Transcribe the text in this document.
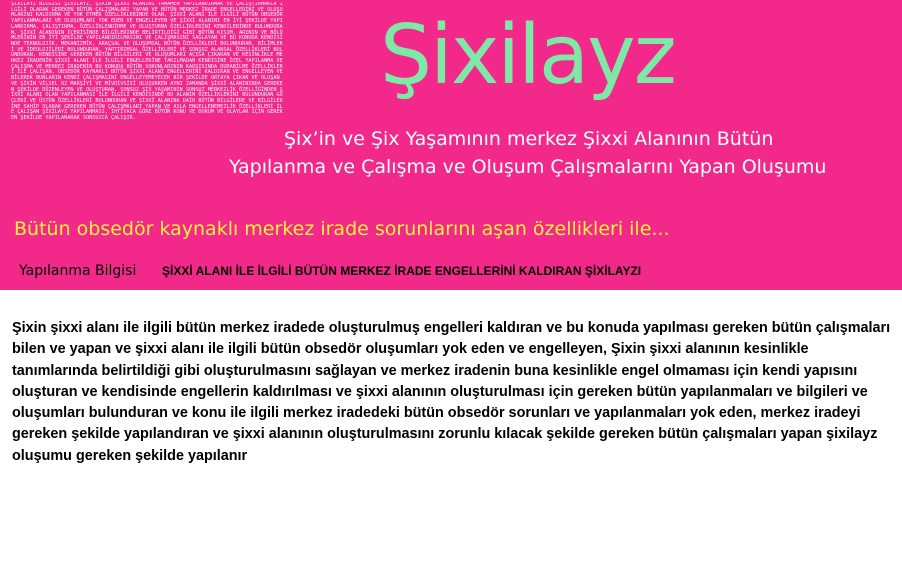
ŞİXİLAYZ BİLGİSİ ŞİXİLAYZ, ŞİXİN ŞİXXİ ALANINI TAMAMEN YAPILANDIRMAK VE ÇALIŞTIRMAKLA İLGİLİ OLARAK GEREKEN BÜTÜN ÇALIŞMALARI YAPAN VE BÜTÜN MERKEZ İRADE ENGELLERİNİ VE OLUŞUMLARINI KALDIRMA VE YOK ETMEK ÖZELLİKLERİNDE OLAN, ŞİXXİ ALANI İLE İLGİLİ BÜTÜN OBSEDÖR YAPILANMALARI VE OLUŞUMLARI YOK EDEN VE ENGELLEYEN VE ŞİXXİ ALANINI EN İYİ ŞEKİLDE YAPILANDIRMA, ÇALIŞTIRMA, ÖZELLİKLENDİRME VE OLUŞTURMA ÖZELLİKLERİNİ KENDİLERİNDE BULUNDURAN, ŞİXXİ ALANININ İÇERİSİNDE BİLGİLERİNDE BELİRTİLDİĞİ GİBİ BÜTÜN KISIM, ARININ VE BÖLÜMLERİNİN EN İYİ ŞEKİLDE YAPILANDIRILMASINI VE ÇALIŞMASINI SAĞLAYAN VE BU KONUDA KENDİSİNDE TEKNOLOJİK, MEKANİZMİK, ARAÇSAL VE OLUŞUMSAL BÜTÜN ÖZELLİKLERİ BULUNDURAN, BİLİMLERİ VE İDEOLOJİLERİ BULUNDURAN, YAPTIRIMSAL ÖZELLİKLERİ VE SONSUZ ALANSAL ÖZELLİKLERİ BULUNDURAN, KENDİSİNE GEREKEN BÜTÜN BİLGİLERİ VE OLUŞUMLARI AÇIĞA ÇIKARAN VE KESİNLİKLE MERKEZ İRADENİN ŞİXXİ ALANI İLE İLGİLİ ENGELLERİNE TAKILMADAN KENDİSİNE ÖZEL YAPILANMA VE ÇALIŞMA VE MERKEZ İRADENİN BU KONUDA BÜTÜN SORUNLARININ KARŞISINDA DURABİLME ÖZELLİKLERİ İLE ÇALIŞAN, OBSEDÖR KAYNAKLI BÜTÜN ŞİXXİ ALANI ENGELLERİNİ KALDIRAN VE ENGELLEYEN VE BİLEREK BUNLARIN KENDİ ÇALIŞMASINI ENGELLEYEMEYECEK BİR ŞEKİLDE ORTAYA ÇIKAN VE OLUŞAN VE ŞİXİN VİLSEL OZ MARŞİYİ VE MİVDİVSİSİ OLUŞURKEN AYNI ZAMANDA ŞİXXİ ALANININDA GEREKEN ŞEKİLDE DÜZENLEYEN VE OLUŞTURAN, SONSUZ ŞİX YAŞAMININ SONSUZ MERKEZLİK ÖZELLİĞİNDEN ŞİXXİ ALANI OLAN YAPILANMASI İLE İLGİLİ KENDİSİNDE BU ALANIN ÖZELLİKLERİNİ BULUNDURAN GÜÇLERİ VE ÜSTÜN ÖZELLİKLERİ BULUNDURAN VE ŞİXXİ ALANINA DAİR BÜTÜN BİLGİLERE VE BİLGİLERİNE SAHİP OLARAK GEREKEN BÜTÜN ÇALIŞMALARI YAPAN VE ASLA ENGELLENEMEZLİK ÖZELLİKLERİ İLE ÇALIŞAN ŞİXİLAYZ YAPILANMASI, İHTİYACA GÖRE BÜTÜN KONU VE DURUM VE OLAYLAR İÇİN GEREKEN ŞEKİLDE YAPILANARAK SONSUZCA ÇALIŞIR.
Şixilayz
Şix’in ve Şix Yaşamının merkez Şixxi Alanının Bütün
Yapılanma ve Çalışma ve Oluşum Çalışmalarını Yapan Oluşumu
Bütün obsedör kaynaklı merkez irade sorunlarını aşan özellikleri ile...
Yapılanma Bilgisi ŞİXXİ ALANI İLE İLGİLİ BÜTÜN MERKEZ İRADE ENGELLERİNİ KALDIRAN ŞİXİLAYZI
Şixin şixxi alanı ile ilgili bütün merkez iradede oluşturulmuş engelleri kaldıran ve bu konuda yapılması gereken bütün çalışmaları bilen ve yapan ve şixxi alanı ile ilgili bütün obsedör oluşumları yok eden ve engelleyen, Şixin şixxi alanının kesinlikle tanımlarında belirtildiği gibi oluşturulmasını sağlayan ve merkez iradenin buna kesinlikle engel olmaması için kendi yapısını oluşturan ve kendisinde engellerin kaldırılması ve şixxi alanının oluşturulması için gereken bütün yapılanmaları ve bilgileri ve oluşumları bulunduran ve konu ile ilgili merkez iradedeki bütün obsedör sorunları ve yapılanmaları yok eden, merkez iradeyi gereken şekilde yapılandıran ve şixxi alanının oluşturulmasını zorunlu kılacak şekilde gereken bütün çalışmaları yapan şixilayz oluşumu gereken şekilde yapılanır
